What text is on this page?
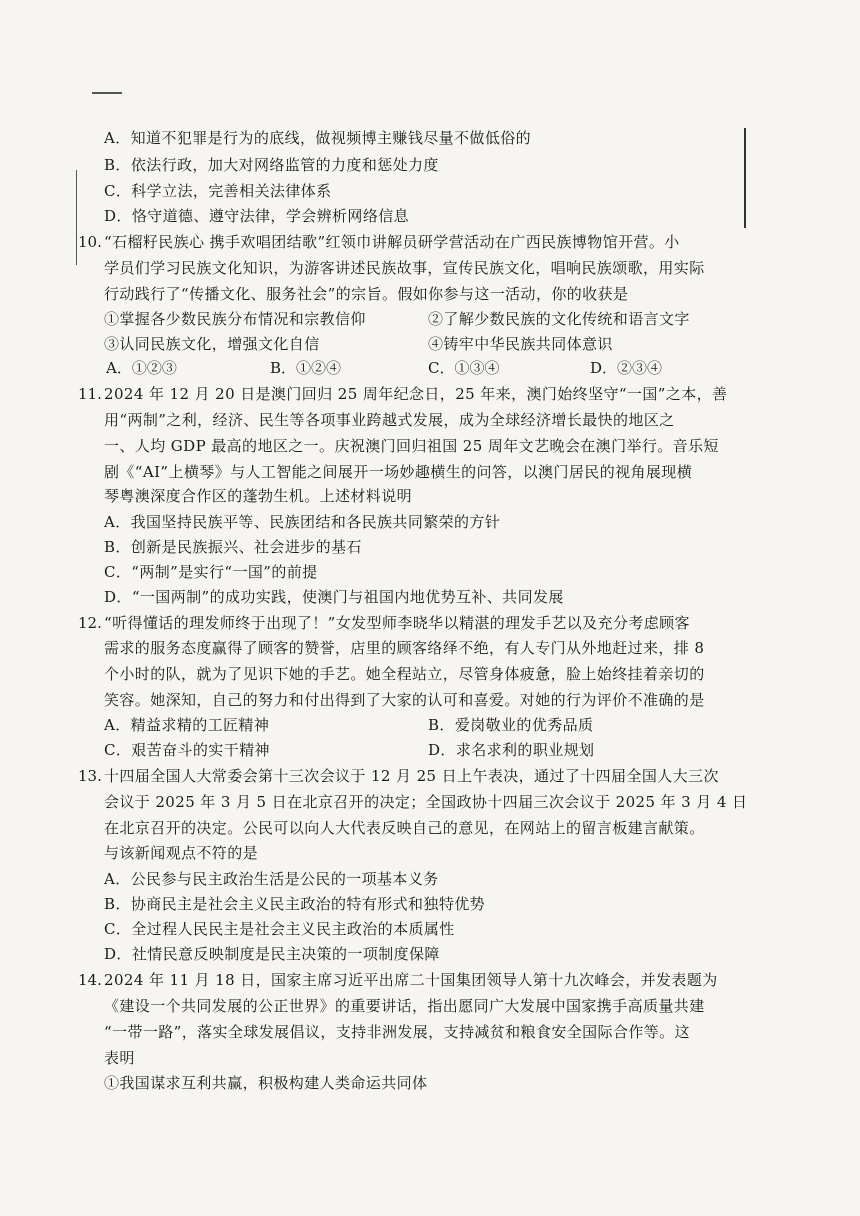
A．知道不犯罪是行为的底线，做视频博主赚钱尽量不做低俗的
B．依法行政，加大对网络监管的力度和惩处力度
C．科学立法，完善相关法律体系
D．恪守道德、遵守法律，学会辨析网络信息
10. “石榴籽民族心 携手欢唱团结歌”红领巾讲解员研学营活动在广西民族博物馆开营。小
学员们学习民族文化知识，为游客讲述民族故事，宣传民族文化，唱响民族颂歌，用实际
行动践行了“传播文化、服务社会”的宗旨。假如你参与这一活动，你的收获是
①掌握各少数民族分布情况和宗教信仰	②了解少数民族的文化传统和语言文字
③认同民族文化，增强文化自信	④铸牢中华民族共同体意识
A．①②③	B．①②④	C．①③④	D．②③④
11. 2024 年 12 月 20 日是澳门回归 25 周年纪念日，25 年来，澳门始终坚守“一国”之本，善
用“两制”之利，经济、民生等各项事业跨越式发展，成为全球经济增长最快的地区之
一、人均 GDP 最高的地区之一。庆祝澳门回归祖国 25 周年文艺晚会在澳门举行。音乐短
剧《“AI”上横琴》与人工智能之间展开一场妙趣横生的问答，以澳门居民的视角展现横
琴粤澳深度合作区的蓬勃生机。上述材料说明
A．我国坚持民族平等、民族团结和各民族共同繁荣的方针
B．创新是民族振兴、社会进步的基石
C．“两制”是实行“一国”的前提
D．“一国两制”的成功实践，使澳门与祖国内地优势互补、共同发展
12. “听得懂话的理发师终于出现了！”女发型师李晓华以精湛的理发手艺以及充分考虑顾客
需求的服务态度赢得了顾客的赞誉，店里的顾客络绎不绝，有人专门从外地赶过来，排 8
个小时的队，就为了见识下她的手艺。她全程站立，尽管身体疲惫，脸上始终挂着亲切的
笑容。她深知，自己的努力和付出得到了大家的认可和喜爱。对她的行为评价不准确的是
A．精益求精的工匠精神	B．爱岗敬业的优秀品质
C．艰苦奋斗的实干精神	D．求名求利的职业规划
13. 十四届全国人大常委会第十三次会议于 12 月 25 日上午表决，通过了十四届全国人大三次
会议于 2025 年 3 月 5 日在北京召开的决定；全国政协十四届三次会议于 2025 年 3 月 4 日
在北京召开的决定。公民可以向人大代表反映自己的意见，在网站上的留言板建言献策。
与该新闻观点不符的是
A．公民参与民主政治生活是公民的一项基本义务
B．协商民主是社会主义民主政治的特有形式和独特优势
C．全过程人民民主是社会主义民主政治的本质属性
D．社情民意反映制度是民主决策的一项制度保障
14. 2024 年 11 月 18 日，国家主席习近平出席二十国集团领导人第十九次峰会，并发表题为
《建设一个共同发展的公正世界》的重要讲话，指出愿同广大发展中国家携手高质量共建
“一带一路”，落实全球发展倡议，支持非洲发展，支持减贫和粮食安全国际合作等。这
表明
①我国谋求互利共赢，积极构建人类命运共同体
